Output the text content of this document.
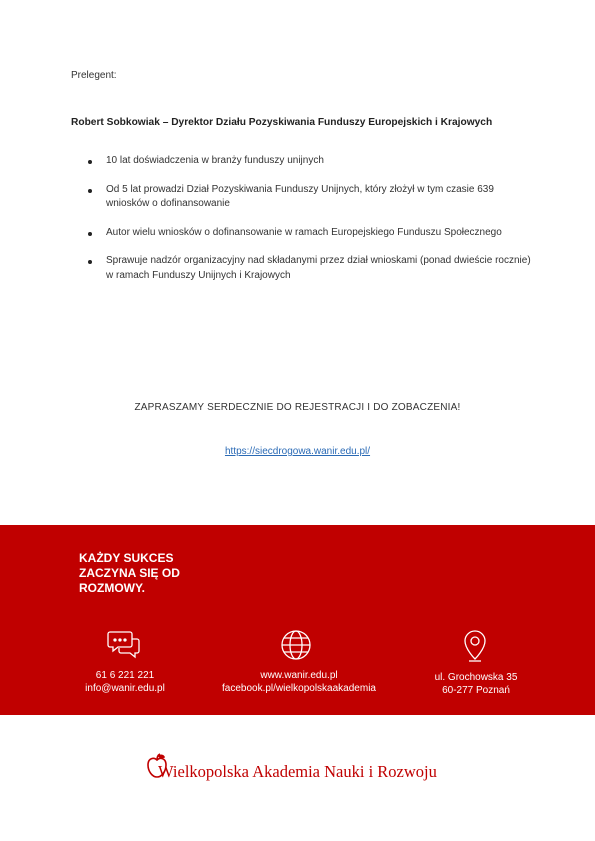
Prelegent:
Robert Sobkowiak – Dyrektor Działu Pozyskiwania Funduszy Europejskich i Krajowych
10 lat doświadczenia w branży funduszy unijnych
Od 5 lat prowadzi Dział Pozyskiwania Funduszy Unijnych, który złożył w tym czasie 639 wniosków o dofinansowanie
Autor wielu wniosków o dofinansowanie w ramach Europejskiego Funduszu Społecznego
Sprawuje nadzór organizacyjny nad składanymi przez dział wnioskami (ponad dwieście rocznie) w ramach Funduszy Unijnych i Krajowych
ZAPRASZAMY SERDECZNIE DO REJESTRACJI I DO ZOBACZENIA!
https://siecdrogowa.wanir.edu.pl/
KAŻDY SUKCES ZACZYNA SIĘ OD ROZMOWY.
61 6 221 221
info@wanir.edu.pl
www.wanir.edu.pl
facebook.pl/wielkopolskaakademia
ul. Grochowska 35
60-277 Poznań
Wielkopolska Akademia Nauki i Rozwoju
